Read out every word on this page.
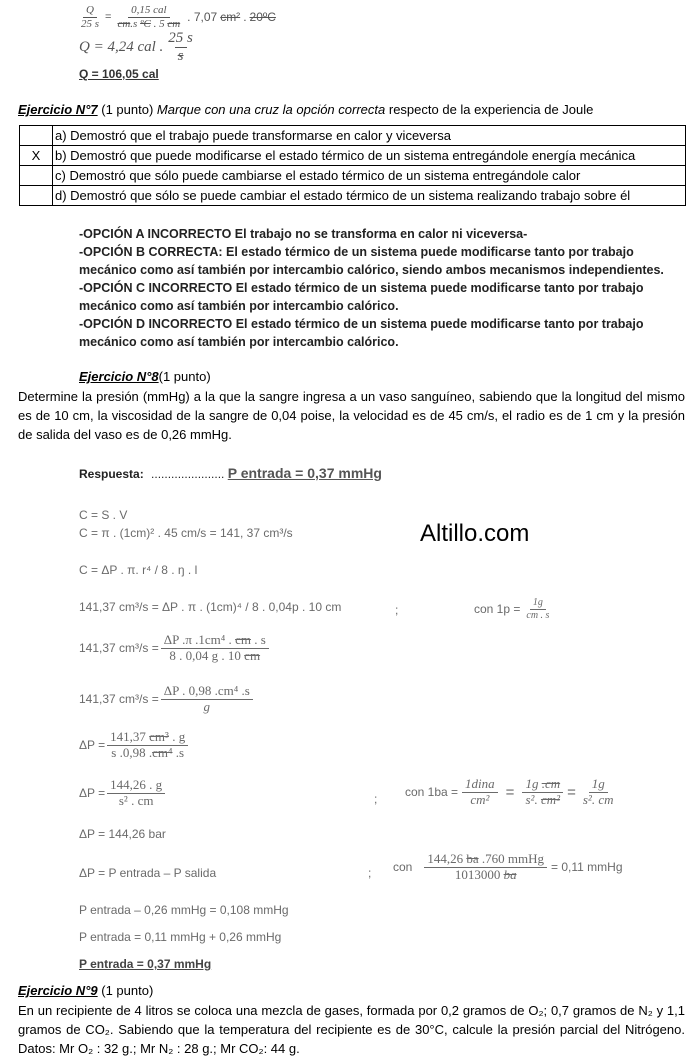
$\frac{Q}{25 s} = \frac{\text{0,15 cal}}{\text{cm.s ºC . 5 cm}}$ . 7,07 cm² . 20ºC
Q = 4,24 cal . $\frac{25 s}{s}$
Q = 106,05 cal
Ejercicio N°7 (1 punto) Marque con una cruz la opción correcta respecto de la experiencia de Joule
	a) Demostró que el trabajo puede transformarse en calor y viceversa
X	b) Demostró que puede modificarse el estado térmico de un sistema entregándole energía mecánica
	c) Demostró que sólo puede cambiarse el estado térmico de un sistema entregándole calor
	d) Demostró que sólo se puede cambiar el estado térmico de un sistema realizando trabajo sobre él
-OPCIÓN A INCORRECTO El trabajo no se transforma en calor ni viceversa-
-OPCIÓN B CORRECTA: El estado térmico de un sistema puede modificarse tanto por trabajo mecánico como así también por intercambio calórico, siendo ambos mecanismos independientes.
-OPCIÓN C INCORRECTO El estado térmico de un sistema puede modificarse tanto por trabajo mecánico como así también por intercambio calórico.
-OPCIÓN D INCORRECTO El estado térmico de un sistema puede modificarse tanto por trabajo mecánico como así también por intercambio calórico.
Ejercicio N°8(1 punto)
Determine la presión (mmHg) a la que la sangre ingresa a un vaso sanguíneo, sabiendo que la longitud del mismo es de 10 cm, la viscosidad de la sangre de 0,04 poise, la velocidad es de 45 cm/s, el radio es de 1 cm y la presión de salida del vaso es de 0,26 mmHg.
Respuesta: ...................... P entrada = 0,37 mmHg
Altillo.com
C = S . V
C = π . (1cm)² . 45 cm/s = 141, 37 cm³/s
C = ΔP . π. r⁴ / 8 . ŋ . l
141,37 cm³/s = ΔP . π . (1cm)⁴ / 8 . 0,04p . 10 cm	;	con $1p = \frac{1g}{cm . s}$
141,37 $cm^3/s = \frac{\text{ΔP .π .1cm⁴ . cm . s}}{8 . 0,04 g . 10 cm}$
141,37 $cm^3/s = \frac{\text{ΔP . 0,98 .cm⁴ .s}}{g}$
$\Delta P = \frac{\text{141,37 cm³ . g}}{\text{s .0,98 .cm⁴ .s}}$
$\Delta P = \frac{144,26 . g}{\text{s² . cm}}$	; con $1ba = \frac{\text{1dina}}{\text{cm²}} = \frac{1g .cm}{\text{s². cm²}} = \frac{1g}{\text{s². cm}}$
ΔP = 144,26 bar
ΔP = P entrada – P salida	; con $\frac{\text{144,26 ba .760 mmHg}}{1013000 ba} = 0,11$ mmHg
P entrada – 0,26 mmHg = 0,108 mmHg
P entrada = 0,11 mmHg + 0,26 mmHg
P entrada = 0,37 mmHg
Ejercicio N°9 (1 punto)
En un recipiente de 4 litros se coloca una mezcla de gases, formada por 0,2 gramos de O₂; 0,7 gramos de N₂ y 1,1 gramos de CO₂. Sabiendo que la temperatura del recipiente es de 30°C, calcule la presión parcial del Nitrógeno. Datos: Mr O₂ : 32 g.; Mr N₂ : 28 g.; Mr CO₂: 44 g.
